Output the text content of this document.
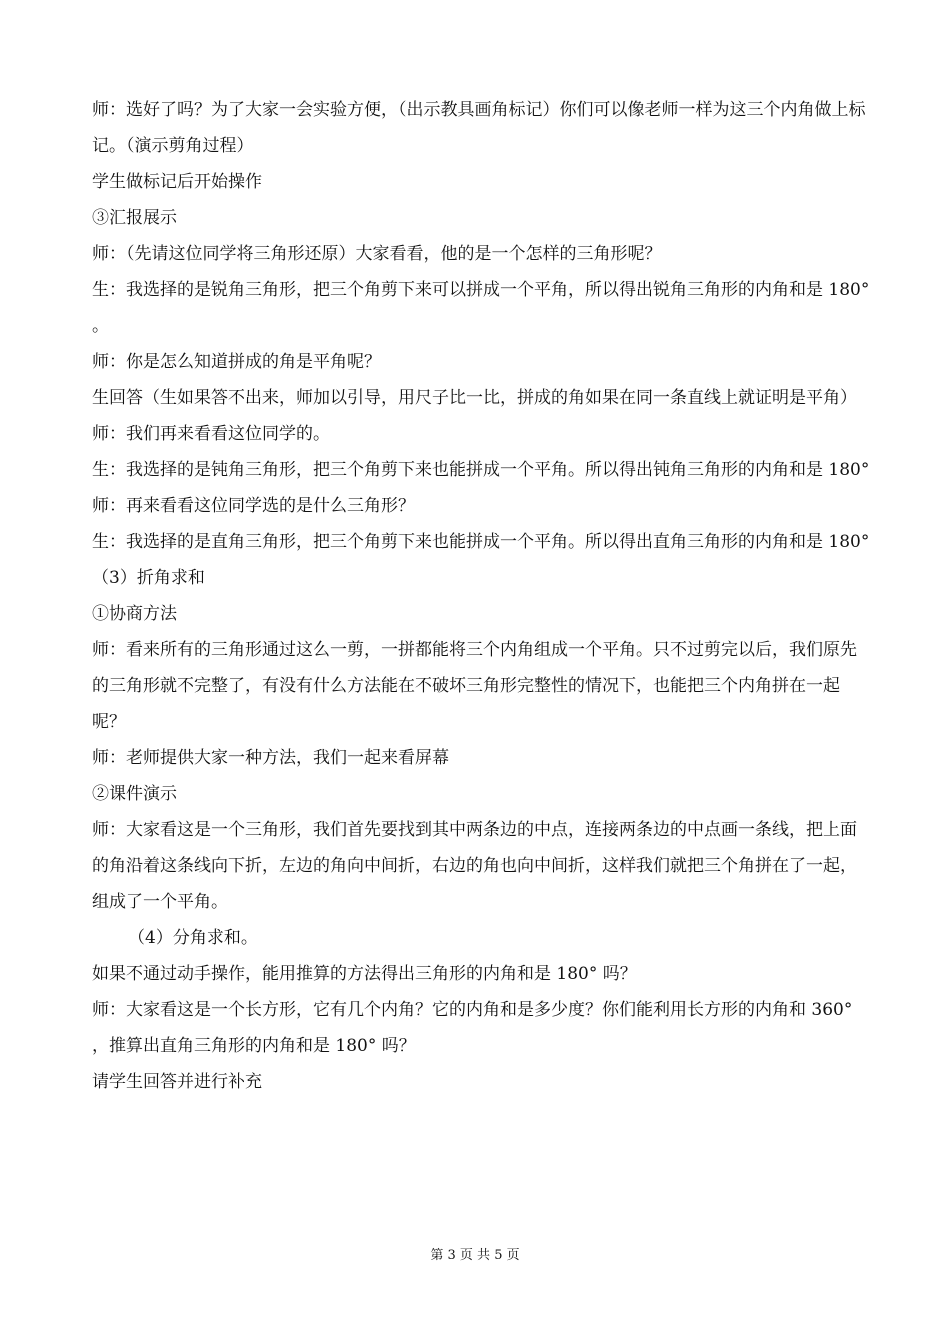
师：选好了吗？为了大家一会实验方便，（出示教具画角标记）你们可以像老师一样为这三个内角做上标记。（演示剪角过程）

学生做标记后开始操作

③汇报展示

师：（先请这位同学将三角形还原）大家看看，他的是一个怎样的三角形呢？

生：我选择的是锐角三角形，把三个角剪下来可以拼成一个平角，所以得出锐角三角形的内角和是 180° 。

师：你是怎么知道拼成的角是平角呢？

生回答（生如果答不出来，师加以引导，用尺子比一比，拼成的角如果在同一条直线上就证明是平角）

师：我们再来看看这位同学的。

生：我选择的是钝角三角形，把三个角剪下来也能拼成一个平角。所以得出钝角三角形的内角和是 180°

师：再来看看这位同学选的是什么三角形？

生：我选择的是直角三角形，把三个角剪下来也能拼成一个平角。所以得出直角三角形的内角和是 180°

（3）折角求和

①协商方法

师：看来所有的三角形通过这么一剪，一拼都能将三个内角组成一个平角。只不过剪完以后，我们原先的三角形就不完整了，有没有什么方法能在不破坏三角形完整性的情况下，也能把三个内角拼在一起呢？

师：老师提供大家一种方法，我们一起来看屏幕

②课件演示

师：大家看这是一个三角形，我们首先要找到其中两条边的中点，连接两条边的中点画一条线，把上面的角沿着这条线向下折，左边的角向中间折，右边的角也向中间折，这样我们就把三个角拼在了一起，组成了一个平角。

（4）分角求和。

如果不通过动手操作，能用推算的方法得出三角形的内角和是 180° 吗？

师：大家看这是一个长方形，它有几个内角？它的内角和是多少度？你们能利用长方形的内角和 360° ，推算出直角三角形的内角和是 180° 吗？

请学生回答并进行补充

第 3 页 共 5 页
